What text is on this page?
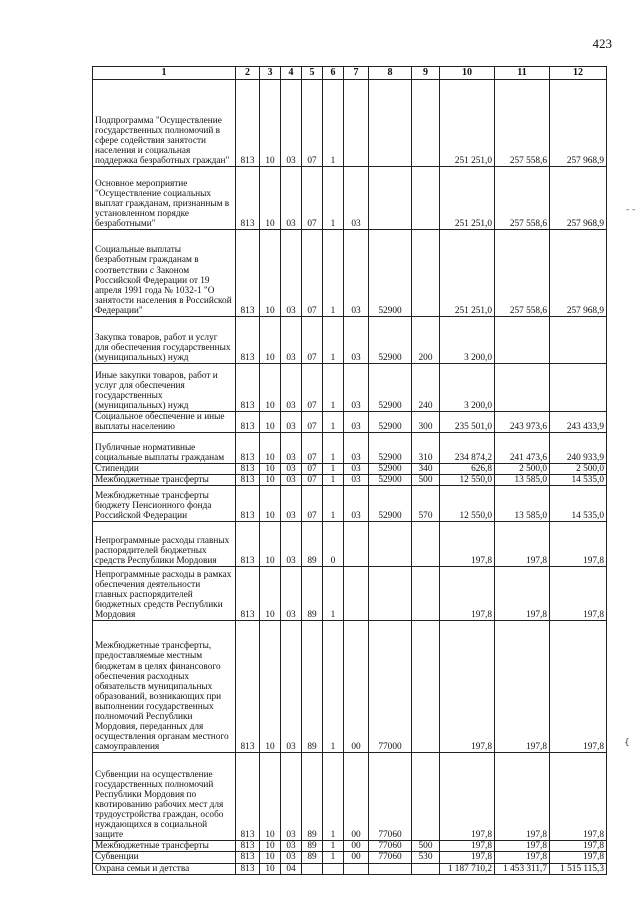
423
1	2	3	4	5	6	7	8	9	10	11	12
Подпрограмма "Осуществление государственных полномочий в сфере содействия занятости населения и социальная поддержка безработных граждан"	813	10	03	07	1				251 251,0	257 558,6	257 968,9
Основное мероприятие "Осуществление социальных выплат гражданам, признанным в установленном порядке безработными"	813	10	03	07	1	03			251 251,0	257 558,6	257 968,9
Социальные выплаты безработным гражданам в соответствии с Законом Российской Федерации от 19 апреля 1991 года № 1032-1 "О занятости населения в Российской Федерации"	813	10	03	07	1	03	52900		251 251,0	257 558,6	257 968,9
Закупка товаров, работ и услуг для обеспечения государственных (муниципальных) нужд	813	10	03	07	1	03	52900	200	3 200,0		
Иные закупки товаров, работ и услуг для обеспечения государственных (муниципальных) нужд	813	10	03	07	1	03	52900	240	3 200,0		
Социальное обеспечение и иные выплаты населению	813	10	03	07	1	03	52900	300	235 501,0	243 973,6	243 433,9
Публичные нормативные социальные выплаты гражданам	813	10	03	07	1	03	52900	310	234 874,2	241 473,6	240 933,9
Стипендии	813	10	03	07	1	03	52900	340	626,8	2 500,0	2 500,0
Межбюджетные трансферты	813	10	03	07	1	03	52900	500	12 550,0	13 585,0	14 535,0
Межбюджетные трансферты бюджету Пенсионного фонда Российской Федерации	813	10	03	07	1	03	52900	570	12 550,0	13 585,0	14 535,0
Непрограммные расходы главных распорядителей бюджетных средств Республики Мордовия	813	10	03	89	0				197,8	197,8	197,8
Непрограммные расходы в рамках обеспечения деятельности главных распорядителей бюджетных средств Республики Мордовия	813	10	03	89	1				197,8	197,8	197,8
Межбюджетные трансферты, предоставляемые местным бюджетам в целях финансового обеспечения расходных обязательств муниципальных образований, возникающих при выполнении государственных полномочий Республики Мордовия, переданных для осуществления органам местного самоуправления	813	10	03	89	1	00	77000		197,8	197,8	197,8
Субвенции на осуществление государственных полномочий Республики Мордовия по квотированию рабочих мест для трудоустройства граждан, особо нуждающихся в социальной защите	813	10	03	89	1	00	77060		197,8	197,8	197,8
Межбюджетные трансферты	813	10	03	89	1	00	77060	500	197,8	197,8	197,8
Субвенции	813	10	03	89	1	00	77060	530	197,8	197,8	197,8
Охрана семьи и детства	813	10	04						1 187 710,2	1 453 311,7	1 515 115,3
- -
{
